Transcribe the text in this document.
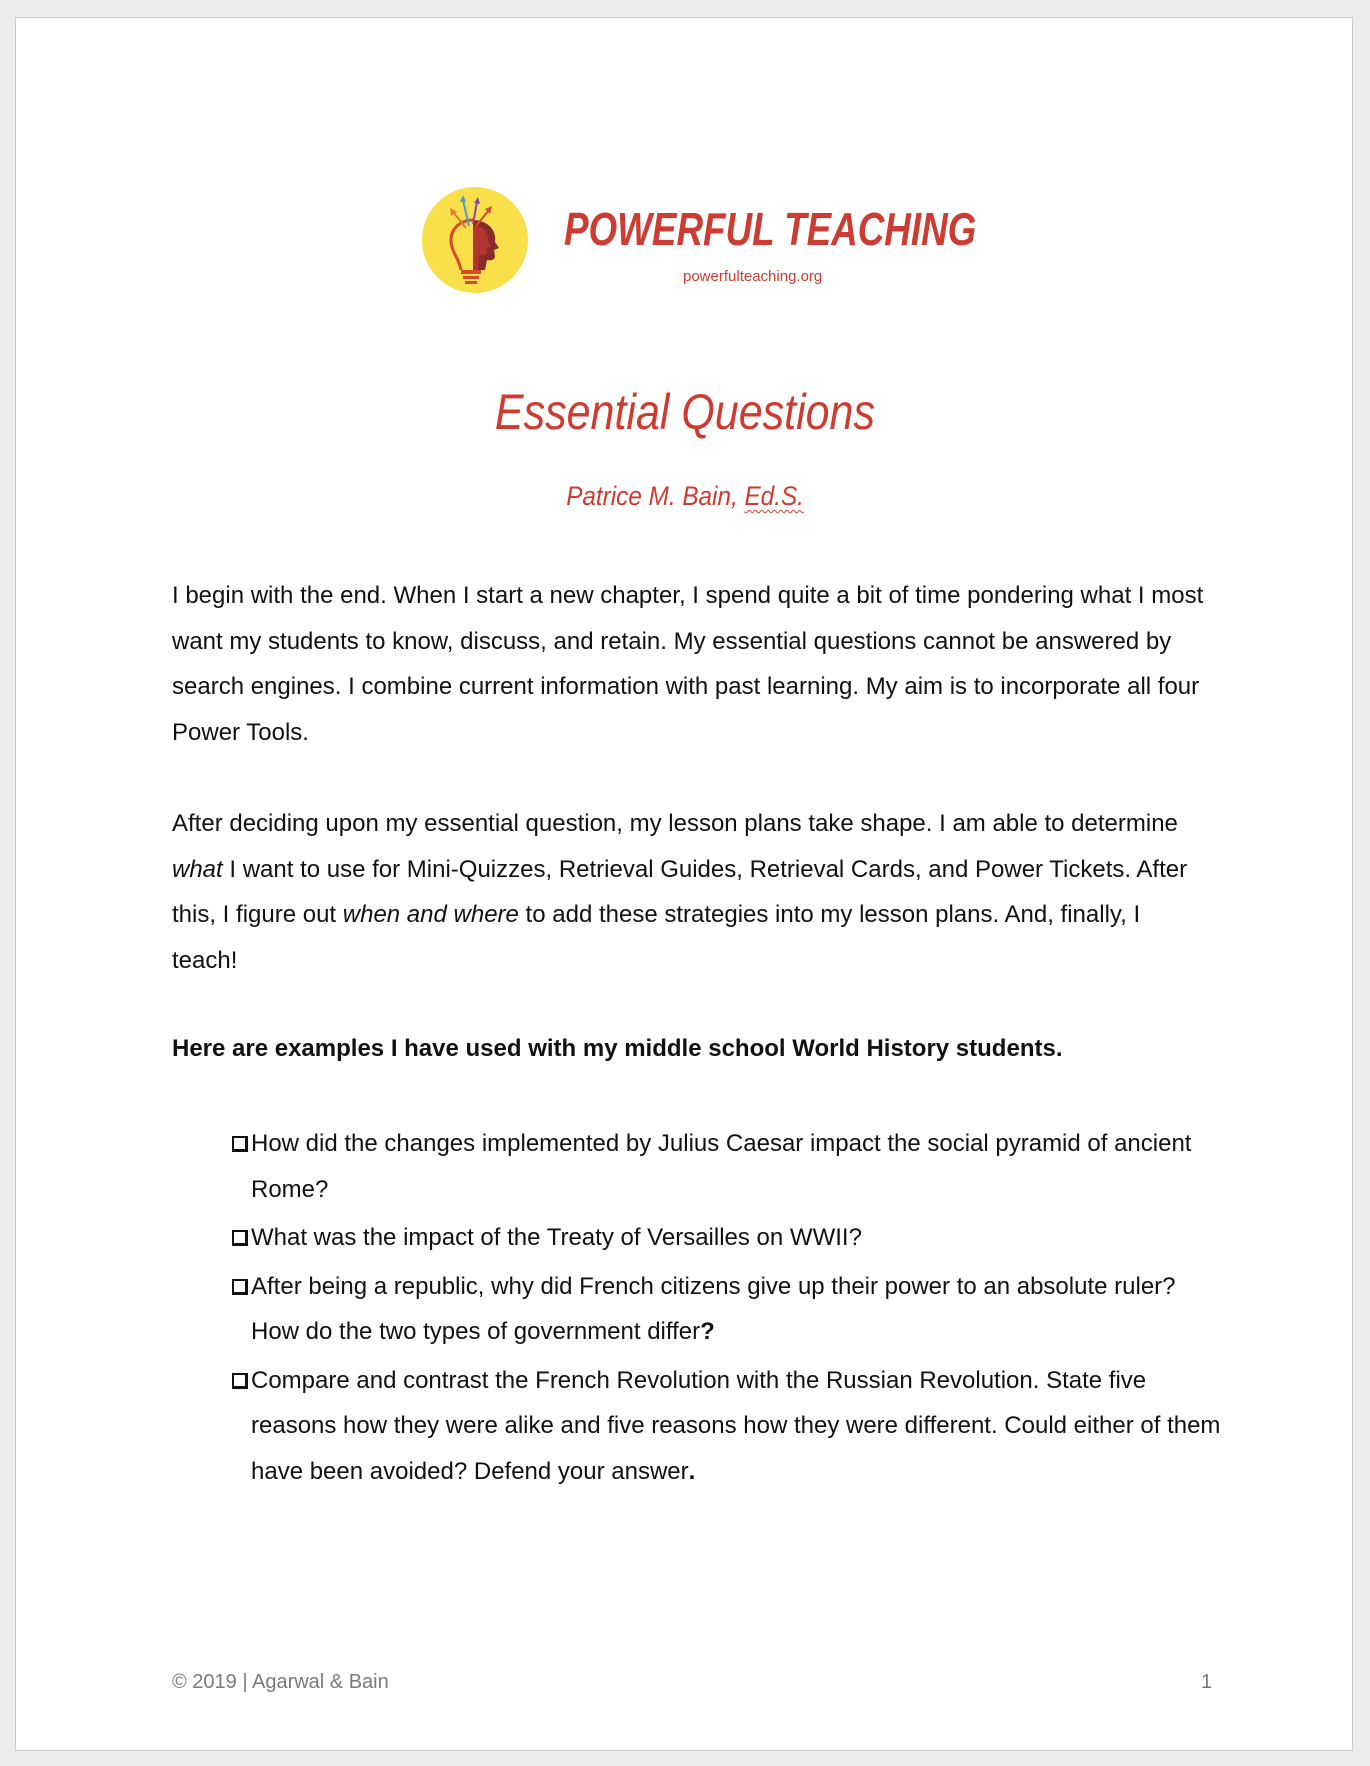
POWERFUL TEACHING
powerfulteaching.org
Essential Questions
Patrice M. Bain, Ed.S.

I begin with the end. When I start a new chapter, I spend quite a bit of time pondering what I most want my students to know, discuss, and retain. My essential questions cannot be answered by search engines. I combine current information with past learning. My aim is to incorporate all four Power Tools.

After deciding upon my essential question, my lesson plans take shape. I am able to determine what I want to use for Mini-Quizzes, Retrieval Guides, Retrieval Cards, and Power Tickets. After this, I figure out when and where to add these strategies into my lesson plans. And, finally, I teach!

Here are examples I have used with my middle school World History students.

How did the changes implemented by Julius Caesar impact the social pyramid of ancient Rome?
What was the impact of the Treaty of Versailles on WWII?
After being a republic, why did French citizens give up their power to an absolute ruler? How do the two types of government differ?
Compare and contrast the French Revolution with the Russian Revolution. State five reasons how they were alike and five reasons how they were different. Could either of them have been avoided? Defend your answer.
© 2019 | Agarwal & Bain	1
